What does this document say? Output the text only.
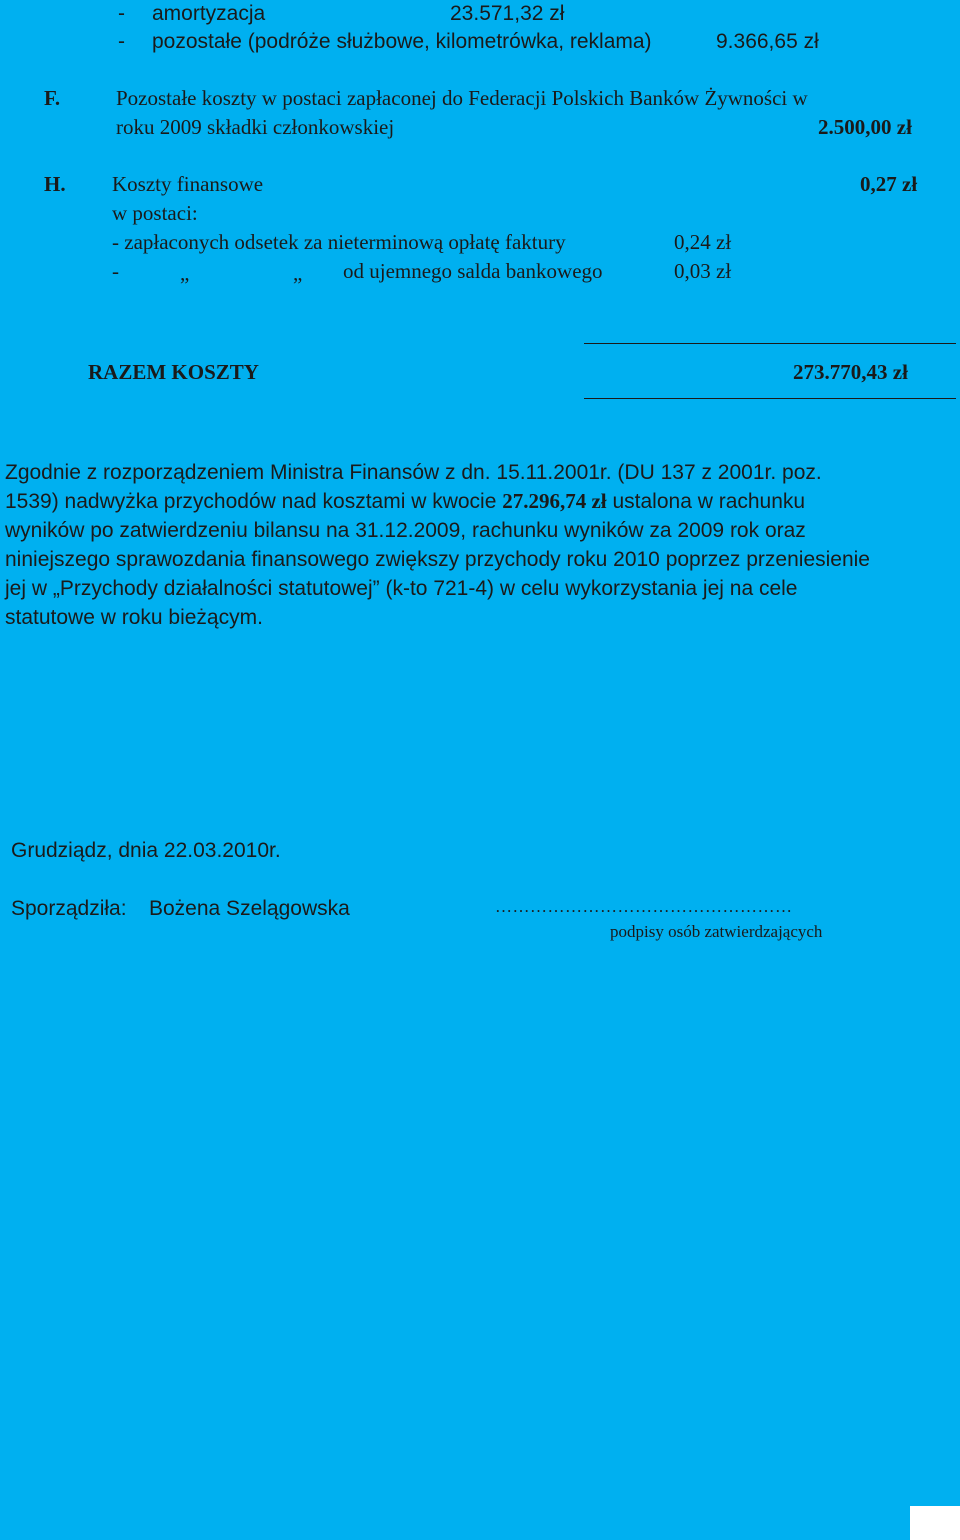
- amortyzacja	23.571,32 zł
- pozostałe (podróże służbowe, kilometrówka, reklama)	9.366,65 zł
F.	Pozostałe koszty w postaci zapłaconej do Federacji Polskich Banków Żywności w
roku 2009 składki członkowskiej	2.500,00 zł
H. Koszty finansowe	0,27 zł
w postaci:
- zapłaconych odsetek za nieterminową opłatę faktury	0,24 zł
-	„	„ od ujemnego salda bankowego	0,03 zł
RAZEM KOSZTY	273.770,43 zł
Zgodnie z rozporządzeniem Ministra Finansów z dn. 15.11.2001r. (DU 137 z 2001r. poz.
1539) nadwyżka przychodów nad kosztami w kwocie 27.296,74 zł ustalona w rachunku
wyników po zatwierdzeniu bilansu na 31.12.2009, rachunku wyników za 2009 rok oraz
niniejszego sprawozdania finansowego zwiększy przychody roku 2010 poprzez przeniesienie
jej w „Przychody działalności statutowej” (k-to 721-4) w celu wykorzystania jej na cele
statutowe w roku bieżącym.
Grudziądz, dnia 22.03.2010r.
Sporządziła: Bożena Szelągowska	……………………………………………
podpisy osób zatwierdzających
